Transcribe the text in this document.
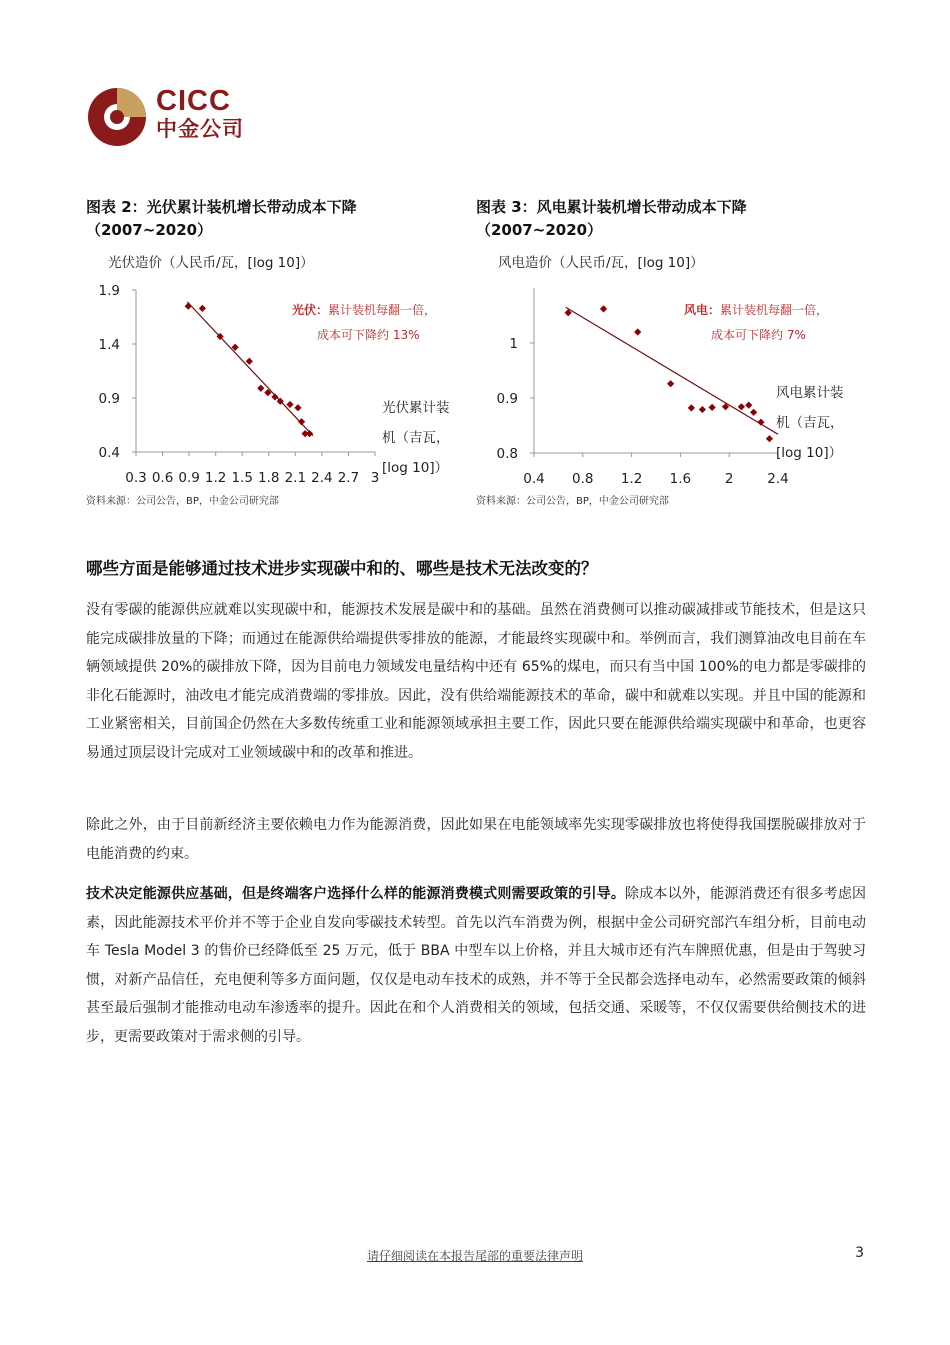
CICC
中金公司
图表 2：光伏累计装机增长带动成本下降（2007~2020）
光伏造价（人民币/瓦，[log 10]）
1.9
1.4
0.9
0.4
0.3 0.6 0.9 1.2 1.5 1.8 2.1 2.4 2.7 3
光伏：累计装机每翻一倍，
成本可下降约 13%
光伏累计装
机（吉瓦，
[log 10]）
资料来源：公司公告，BP，中金公司研究部
图表 3：风电累计装机增长带动成本下降（2007~2020）
风电造价（人民币/瓦，[log 10]）
1
0.9
0.8
0.4 0.8 1.2 1.6	2	2.4
风电：累计装机每翻一倍，
成本可下降约 7%
风电累计装
机（吉瓦，
[log 10]）
资料来源：公司公告，BP，中金公司研究部
哪些方面是能够通过技术进步实现碳中和的、哪些是技术无法改变的？
没有零碳的能源供应就难以实现碳中和，能源技术发展是碳中和的基础。虽然在消费侧可以推动碳减排或节能技术，但是这只能完成碳排放量的下降；而通过在能源供给端提供零排放的能源，才能最终实现碳中和。举例而言，我们测算油改电目前在车辆领域提供 20%的碳排放下降，因为目前电力领域发电量结构中还有 65%的煤电，而只有当中国 100%的电力都是零碳排的非化石能源时，油改电才能完成消费端的零排放。因此，没有供给端能源技术的革命，碳中和就难以实现。并且中国的能源和工业紧密相关，目前国企仍然在大多数传统重工业和能源领域承担主要工作，因此只要在能源供给端实现碳中和革命，也更容易通过顶层设计完成对工业领域碳中和的改革和推进。
除此之外，由于目前新经济主要依赖电力作为能源消费，因此如果在电能领域率先实现零碳排放也将使得我国摆脱碳排放对于电能消费的约束。
技术决定能源供应基础，但是终端客户选择什么样的能源消费模式则需要政策的引导。除成本以外，能源消费还有很多考虑因素，因此能源技术平价并不等于企业自发向零碳技术转型。首先以汽车消费为例，根据中金公司研究部汽车组分析，目前电动车 Tesla Model 3 的售价已经降低至 25 万元，低于 BBA 中型车以上价格，并且大城市还有汽车牌照优惠，但是由于驾驶习惯，对新产品信任，充电便利等多方面问题，仅仅是电动车技术的成熟，并不等于全民都会选择电动车，必然需要政策的倾斜甚至最后强制才能推动电动车渗透率的提升。因此在和个人消费相关的领域，包括交通、采暖等，不仅仅需要供给侧技术的进步，更需要政策对于需求侧的引导。
请仔细阅读在本报告尾部的重要法律声明	3
